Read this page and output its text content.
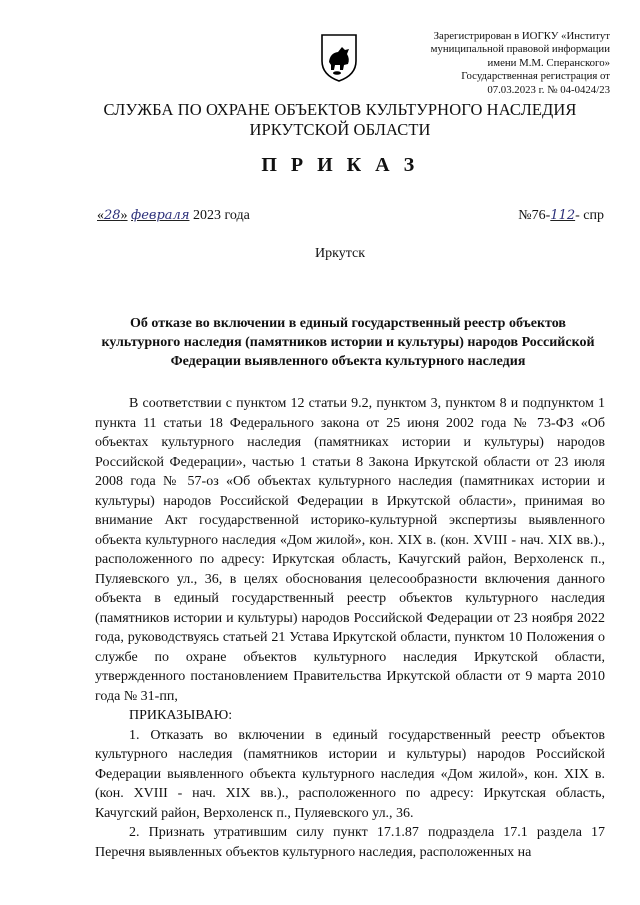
Зарегистрирован в ИОГКУ «Институт
муниципальной правовой информации
имени М.М. Сперанского»
Государственная регистрация от
07.03.2023 г. № 04-0424/23
СЛУЖБА ПО ОХРАНЕ ОБЪЕКТОВ КУЛЬТУРНОГО НАСЛЕДИЯ
ИРКУТСКОЙ ОБЛАСТИ
П Р И К А З
«28» февраля 2023 года	№76-112- спр
Иркутск
Об отказе во включении в единый государственный реестр объектов культурного наследия (памятников истории и культуры) народов Российской Федерации выявленного объекта культурного наследия

В соответствии с пунктом 12 статьи 9.2, пунктом 3, пунктом 8 и подпунктом 1 пункта 11 статьи 18 Федерального закона от 25 июня 2002 года № 73-ФЗ «Об объектах культурного наследия (памятниках истории и культуры) народов Российской Федерации», частью 1 статьи 8 Закона Иркутской области от 23 июля 2008 года № 57-оз «Об объектах культурного наследия (памятниках истории и культуры) народов Российской Федерации в Иркутской области», принимая во внимание Акт государственной историко-культурной экспертизы выявленного объекта культурного наследия «Дом жилой», кон. XIX в. (кон. XVIII - нач. XIX вв.)., расположенного по адресу: Иркутская область, Качугский район, Верхоленск п., Пуляевского ул., 36, в целях обоснования целесообразности включения данного объекта в единый государственный реестр объектов культурного наследия (памятников истории и культуры) народов Российской Федерации от 23 ноября 2022 года, руководствуясь статьей 21 Устава Иркутской области, пунктом 10 Положения о службе по охране объектов культурного наследия Иркутской области, утвержденного постановлением Правительства Иркутской области от 9 марта 2010 года № 31-пп,

ПРИКАЗЫВАЮ:

1. Отказать во включении в единый государственный реестр объектов культурного наследия (памятников истории и культуры) народов Российской Федерации выявленного объекта культурного наследия «Дом жилой», кон. XIX в. (кон. XVIII - нач. XIX вв.)., расположенного по адресу: Иркутская область, Качугский район, Верхоленск п., Пуляевского ул., 36.

2. Признать утратившим силу пункт 17.1.87 подраздела 17.1 раздела 17 Перечня выявленных объектов культурного наследия, расположенных на
